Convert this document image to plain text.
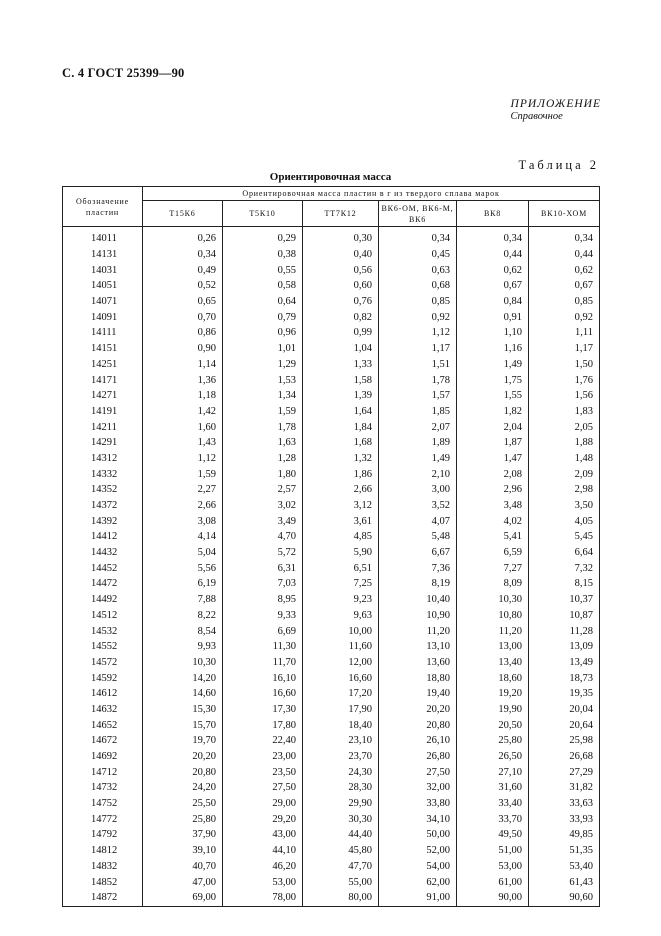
С. 4 ГОСТ 25399—90
ПРИЛОЖЕНИЕ
Справочное
Таблица 2
Ориентировочная масса
Обозначение пластин	Ориентировочная масса пластин в г из твердого сплава марок					
	Т15К6	Т5К10	ТТ7К12	ВК6-ОМ, ВК6-М, ВК6	ВК8	ВК10-ХОМ
14011	0,26	0,29	0,30	0,34	0,34	0,34
14131	0,34	0,38	0,40	0,45	0,44	0,44
14031	0,49	0,55	0,56	0,63	0,62	0,62
14051	0,52	0,58	0,60	0,68	0,67	0,67
14071	0,65	0,64	0,76	0,85	0,84	0,85
14091	0,70	0,79	0,82	0,92	0,91	0,92
14111	0,86	0,96	0,99	1,12	1,10	1,11
14151	0,90	1,01	1,04	1,17	1,16	1,17
14251	1,14	1,29	1,33	1,51	1,49	1,50
14171	1,36	1,53	1,58	1,78	1,75	1,76
14271	1,18	1,34	1,39	1,57	1,55	1,56
14191	1,42	1,59	1,64	1,85	1,82	1,83
14211	1,60	1,78	1,84	2,07	2,04	2,05
14291	1,43	1,63	1,68	1,89	1,87	1,88
14312	1,12	1,28	1,32	1,49	1,47	1,48
14332	1,59	1,80	1,86	2,10	2,08	2,09
14352	2,27	2,57	2,66	3,00	2,96	2,98
14372	2,66	3,02	3,12	3,52	3,48	3,50
14392	3,08	3,49	3,61	4,07	4,02	4,05
14412	4,14	4,70	4,85	5,48	5,41	5,45
14432	5,04	5,72	5,90	6,67	6,59	6,64
14452	5,56	6,31	6,51	7,36	7,27	7,32
14472	6,19	7,03	7,25	8,19	8,09	8,15
14492	7,88	8,95	9,23	10,40	10,30	10,37
14512	8,22	9,33	9,63	10,90	10,80	10,87
14532	8,54	6,69	10,00	11,20	11,20	11,28
14552	9,93	11,30	11,60	13,10	13,00	13,09
14572	10,30	11,70	12,00	13,60	13,40	13,49
14592	14,20	16,10	16,60	18,80	18,60	18,73
14612	14,60	16,60	17,20	19,40	19,20	19,35
14632	15,30	17,30	17,90	20,20	19,90	20,04
14652	15,70	17,80	18,40	20,80	20,50	20,64
14672	19,70	22,40	23,10	26,10	25,80	25,98
14692	20,20	23,00	23,70	26,80	26,50	26,68
14712	20,80	23,50	24,30	27,50	27,10	27,29
14732	24,20	27,50	28,30	32,00	31,60	31,82
14752	25,50	29,00	29,90	33,80	33,40	33,63
14772	25,80	29,20	30,30	34,10	33,70	33,93
14792	37,90	43,00	44,40	50,00	49,50	49,85
14812	39,10	44,10	45,80	52,00	51,00	51,35
14832	40,70	46,20	47,70	54,00	53,00	53,40
14852	47,00	53,00	55,00	62,00	61,00	61,43
14872	69,00	78,00	80,00	91,00	90,00	90,60
